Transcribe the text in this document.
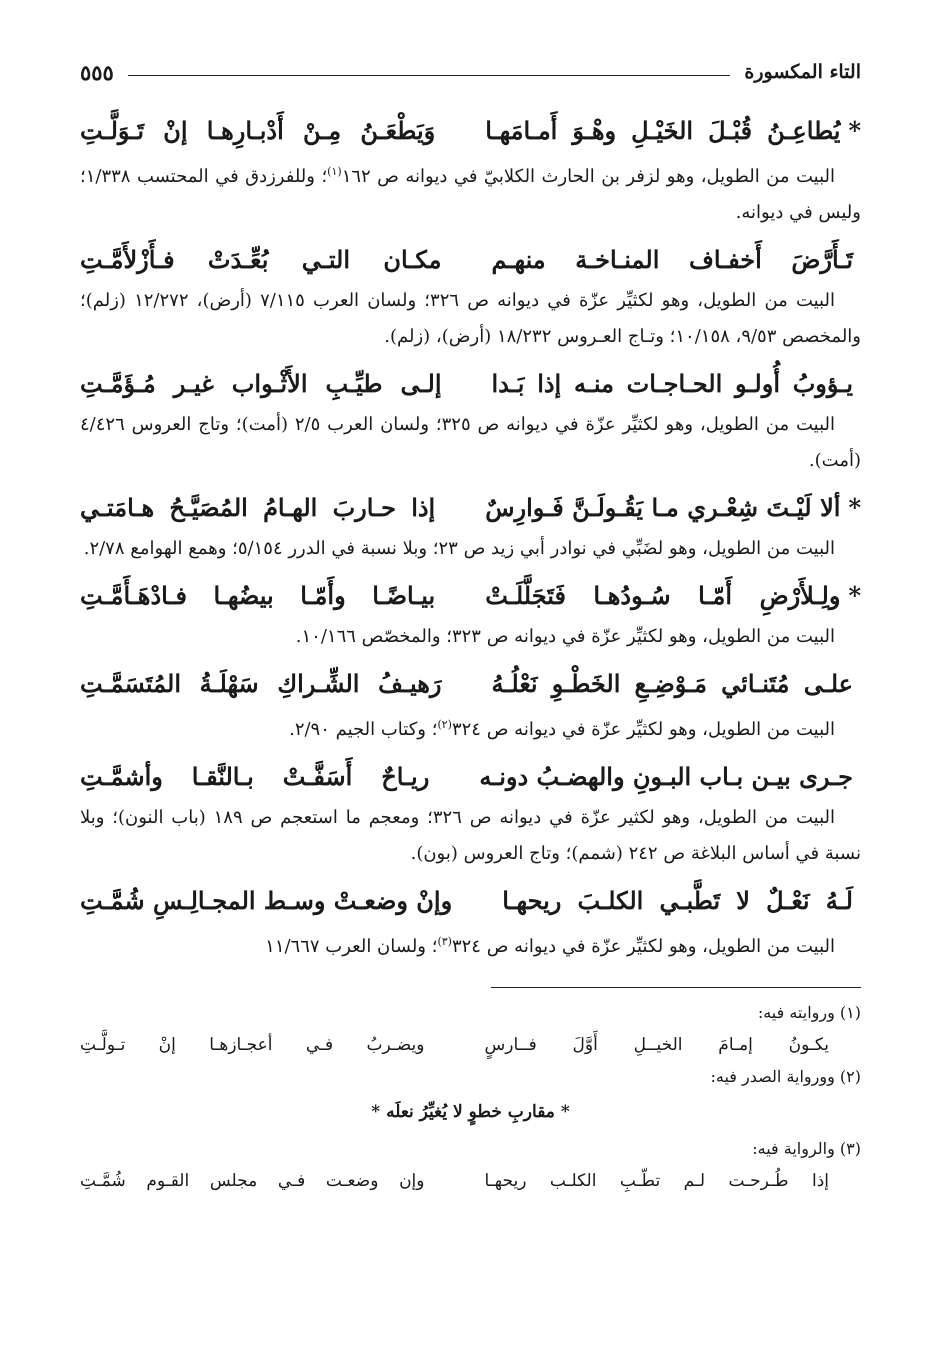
التاء المكسورة
٥٥٥
*
يُطاعِـنُ قُبْـلَ الخَيْـلِ وهْـوَ أَمـامَهـا
وَيَطْعَـنُ مِـنْ أَدْبـارِهـا إنْ تَـوَلَّـتِ

البيت من الطويل، وهو لزفر بن الحارث الكلابيّ في ديوانه ص ١٦٢$^{(١)}$؛ وللفرزدق في المحتسب ١/٣٣٨؛ وليس في ديوانه.

تَـأَرَّضَ أَخفـاف المنـاخـة منهـم
مكـان التـي بُعِّـدَتْ فـأَزْلأَمَّـتِ

البيت من الطويل، وهو لكثيِّر عزّة في ديوانه ص ٣٢٦؛ ولسان العرب ٧/١١٥ (أرض)، ١٢/٢٧٢ (زلم)؛ والمخصص ٩/٥٣، ١٠/١٥٨؛ وتـاج العـروس ١٨/٢٣٢ (أرض)، (زلم).

يـؤوبُ أُولـو الحـاجـات منـه إذا بَـدا
إلـى طيِّـبِ الأَثْـواب غيـر مُـؤَمَّـتِ

البيت من الطويل، وهو لكثيِّر عزّة في ديوانه ص ٣٢٥؛ ولسان العرب ٢/٥ (أمت)؛ وتاج العروس ٤/٤٢٦ (أمت).

*
ألا لَيْـتَ شِعْـري مـا يَقُـولَـنَّ فَـوارِسٌ
إذا حـاربَ الهـامُ المُصَيَّـحُ هـامَتـي

البيت من الطويل، وهو لضَبِّي في نوادر أبي زيد ص ٢٣؛ وبلا نسبة في الدرر ٥/١٥٤؛ وهمع الهوامع ٢/٧٨.

*
ولِـلأَرْضِ أَمّـا سُـودُهـا فَتَجَلَّلَـتْ
بيـاضًـا وأَمّـا بيضُهـا فـادْهَـأَمَّـتِ

البيت من الطويل، وهو لكثيِّر عزّة في ديوانه ص ٣٢٣؛ والمخصّص ١٠/١٦٦.

علـى مُتَنـائي مَـوْضِـعِ الخَطْـوِ نَعْلُـهُ
رَهيـفُ الشِّـراكِ سَهْلَـةُ المُتَسَمَّـتِ

البيت من الطويل، وهو لكثيِّر عزّة في ديوانه ص ٣٢٤$^{(٢)}$؛ وكتاب الجيم ٢/٩٠.

جـرى بيـن بـاب البـونِ والهضـبُ دونـه
ريـاحٌ أَسَفَّـتْ بـالنَّقـا وأشمَّـتِ

البيت من الطويل، وهو لكثير عزّة في ديوانه ص ٣٢٦؛ ومعجم ما استعجم ص ١٨٩ (باب النون)؛ وبلا نسبة في أساس البلاغة ص ٢٤٢ (شمم)؛ وتاج العروس (بون).

لَـهُ نَعْـلٌ لا تَطَّبـي الكلـبَ ريحهـا
وإنْ وضعـتْ وسـط المجـالِـسِ شُمَّـتِ

البيت من الطويل، وهو لكثيِّر عزّة في ديوانه ص ٣٢٤$^{(٣)}$؛ ولسان العرب ١١/٦٦٧

(١) وروايته فيه:
يكـونُ إمـامَ الخيــلِ أَوَّلَ فــارسٍ
ويضـربُ فـي أعجـازهـا إنْ تـولَّـتِ
(٢) وورواية الصدر فيه:
* مقاربِ خطوٍ لا يُغيِّرُ نعلَه *
(٣) والرواية فيه:
إذا طُـرحـت لـم تطّـبِ الكلـب ريحهـا
وإن وضعـت فـي مجلس القـوم شُمَّـتِ
